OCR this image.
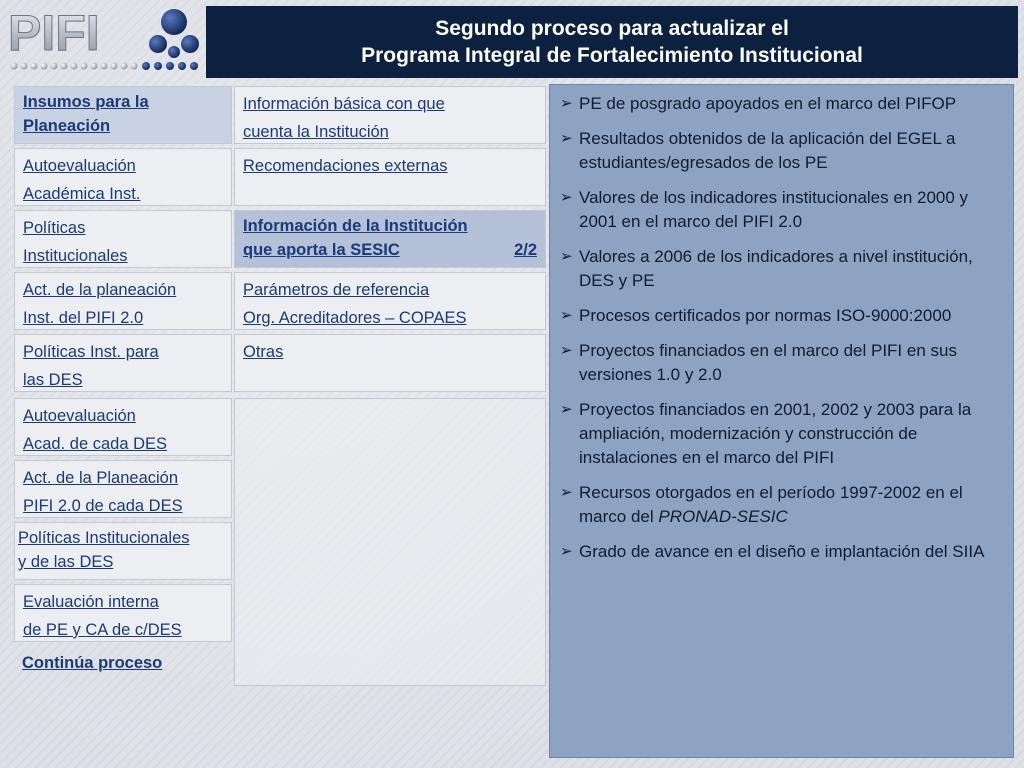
PIFI	Segundo proceso para actualizar el
Programa Integral de Fortalecimiento Institucional
Insumos para la
Planeación
Información básica con que
cuenta la Institución
Autoevaluación
Académica Inst.
Recomendaciones externas
Políticas
Institucionales
Información de la Institución
que aporta la SESIC	2/2
Act. de la planeación
Inst. del PIFI 2.0
Parámetros de referencia
Org. Acreditadores – COPAES
Políticas Inst. para
las DES
Otras
Autoevaluación
Acad. de cada DES
Act. de la Planeación
PIFI 2.0 de cada DES
Políticas Institucionales
y de las DES
Evaluación interna
de PE y CA de c/DES
Continúa proceso
➢ PE de posgrado apoyados en el marco del PIFOP
➢ Resultados obtenidos de la aplicación del EGEL a estudiantes/egresados de los PE
➢ Valores de los indicadores institucionales en 2000 y 2001 en el marco del PIFI 2.0
➢ Valores a 2006 de los indicadores a nivel institución, DES y PE
➢ Procesos certificados por normas ISO-9000:2000
➢ Proyectos financiados en el marco del PIFI en sus versiones 1.0 y 2.0
➢ Proyectos financiados en 2001, 2002 y 2003 para la ampliación, modernización y construcción de instalaciones en el marco del PIFI
➢ Recursos otorgados en el período 1997-2002 en el marco del PRONAD-SESIC
➢ Grado de avance en el diseño e implantación del SIIA
